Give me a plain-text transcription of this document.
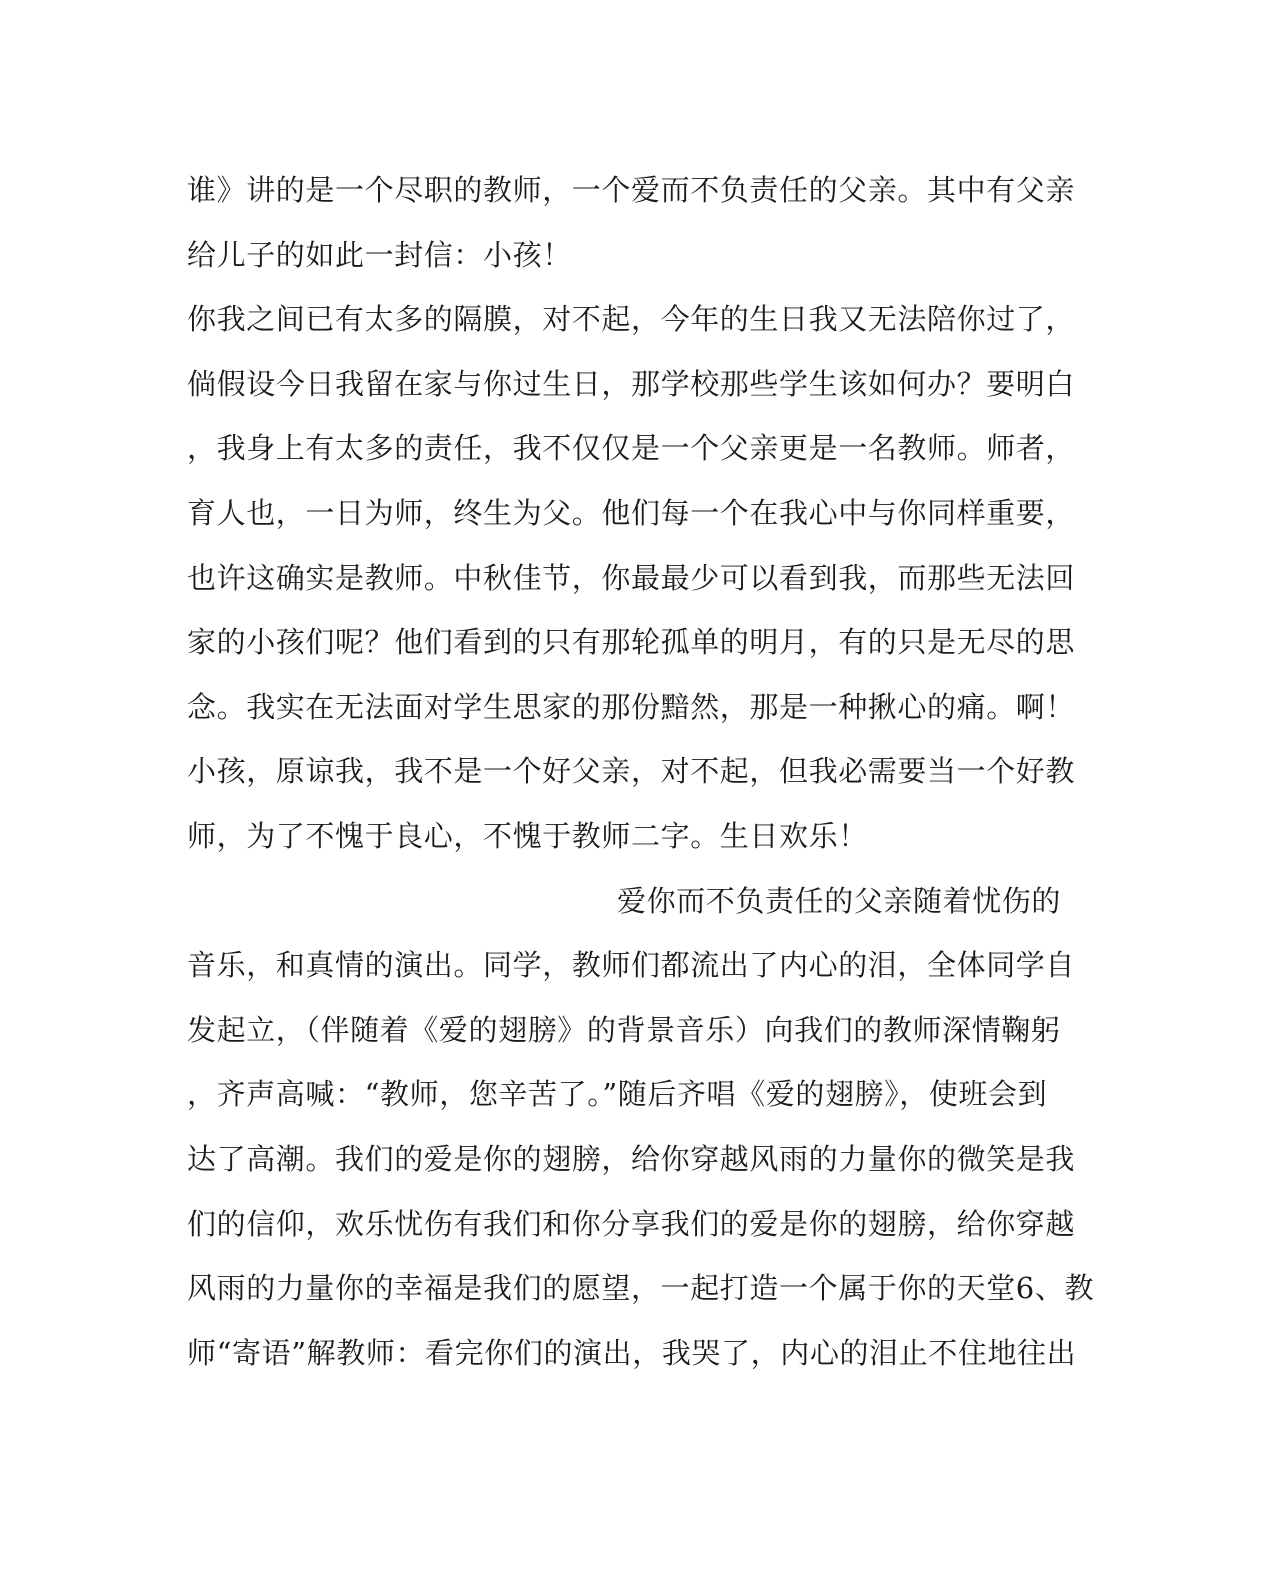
谁》讲的是一个尽职的教师，一个爱而不负责任的父亲。其中有父亲
给儿子的如此一封信：小孩！
你我之间已有太多的隔膜，对不起，今年的生日我又无法陪你过了，
倘假设今日我留在家与你过生日，那学校那些学生该如何办？要明白
，我身上有太多的责任，我不仅仅是一个父亲更是一名教师。师者，
育人也，一日为师，终生为父。他们每一个在我心中与你同样重要，
也许这确实是教师。中秋佳节，你最最少可以看到我，而那些无法回
家的小孩们呢？他们看到的只有那轮孤单的明月，有的只是无尽的思
念。我实在无法面对学生思家的那份黯然，那是一种揪心的痛。啊！
小孩，原谅我，我不是一个好父亲，对不起，但我必需要当一个好教
师，为了不愧于良心，不愧于教师二字。生日欢乐！
爱你而不负责任的父亲随着忧伤的
音乐，和真情的演出。同学，教师们都流出了内心的泪，全体同学自
发起立，（伴随着《爱的翅膀》的背景音乐）向我们的教师深情鞠躬
，齐声高喊：“教师，您辛苦了。”随后齐唱《爱的翅膀》，使班会到
达了高潮。我们的爱是你的翅膀，给你穿越风雨的力量你的微笑是我
们的信仰，欢乐忧伤有我们和你分享我们的爱是你的翅膀，给你穿越
风雨的力量你的幸福是我们的愿望，一起打造一个属于你的天堂6、教
师“寄语”解教师：看完你们的演出，我哭了，内心的泪止不住地往出
